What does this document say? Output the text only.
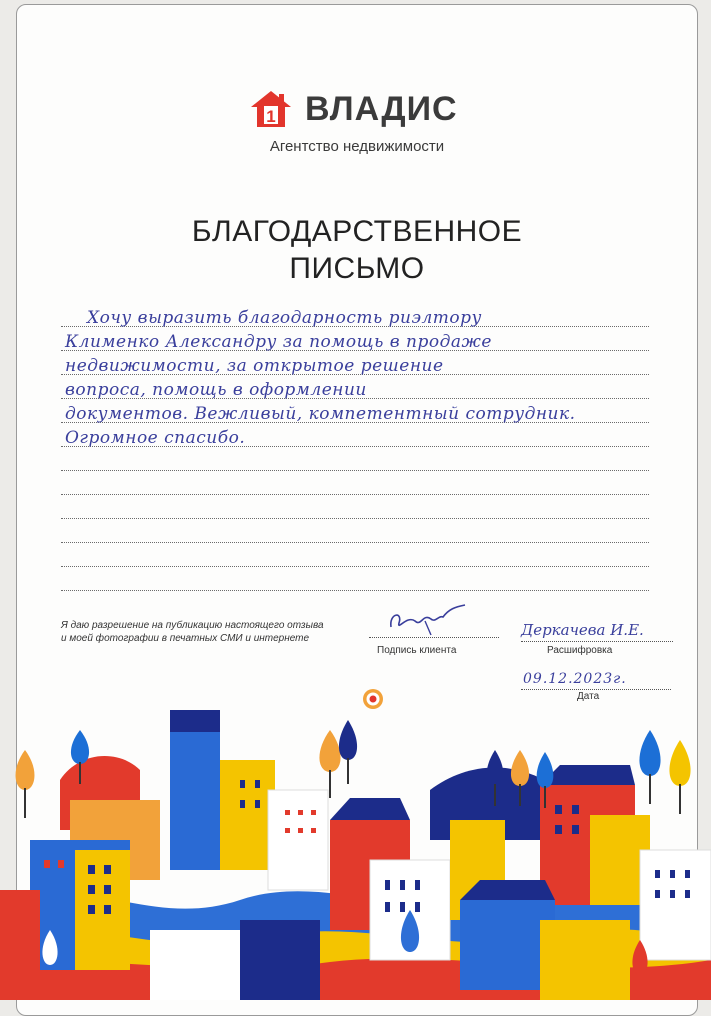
1 ВЛАДИС
Агентство недвижимости
БЛАГОДАРСТВЕННОЕ
ПИСЬМО
Хочу выразить благодарность риэлтору
Клименко Александру за помощь в продаже
недвижимости, за открытое решение
вопроса, помощь в оформлении
документов. Вежливый, компетентный сотрудник.
Огромное спасибо.
Я даю разрешение на публикацию настоящего отзыва
и моей фотографии в печатных СМИ и интернете
Подпись клиента
Деркачева И.Е.
Расшифровка
09.12.2023г.
Дата
